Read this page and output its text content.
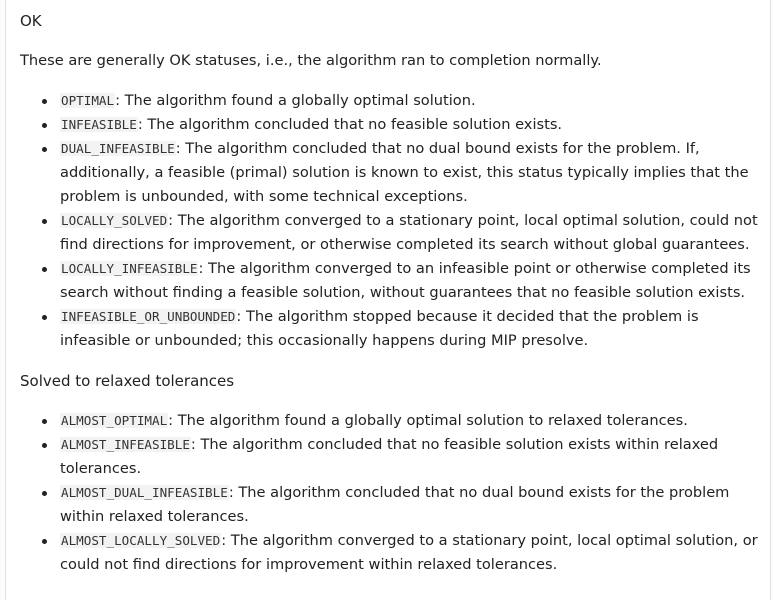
OK
These are generally OK statuses, i.e., the algorithm ran to completion normally.
OPTIMAL: The algorithm found a globally optimal solution.
INFEASIBLE: The algorithm concluded that no feasible solution exists.
DUAL_INFEASIBLE: The algorithm concluded that no dual bound exists for the problem. If, additionally, a feasible (primal) solution is known to exist, this status typically implies that the problem is unbounded, with some technical exceptions.
LOCALLY_SOLVED: The algorithm converged to a stationary point, local optimal solution, could not find directions for improvement, or otherwise completed its search without global guarantees.
LOCALLY_INFEASIBLE: The algorithm converged to an infeasible point or otherwise completed its search without finding a feasible solution, without guarantees that no feasible solution exists.
INFEASIBLE_OR_UNBOUNDED: The algorithm stopped because it decided that the problem is infeasible or unbounded; this occasionally happens during MIP presolve.
Solved to relaxed tolerances
ALMOST_OPTIMAL: The algorithm found a globally optimal solution to relaxed tolerances.
ALMOST_INFEASIBLE: The algorithm concluded that no feasible solution exists within relaxed tolerances.
ALMOST_DUAL_INFEASIBLE: The algorithm concluded that no dual bound exists for the problem within relaxed tolerances.
ALMOST_LOCALLY_SOLVED: The algorithm converged to a stationary point, local optimal solution, or could not find directions for improvement within relaxed tolerances.
